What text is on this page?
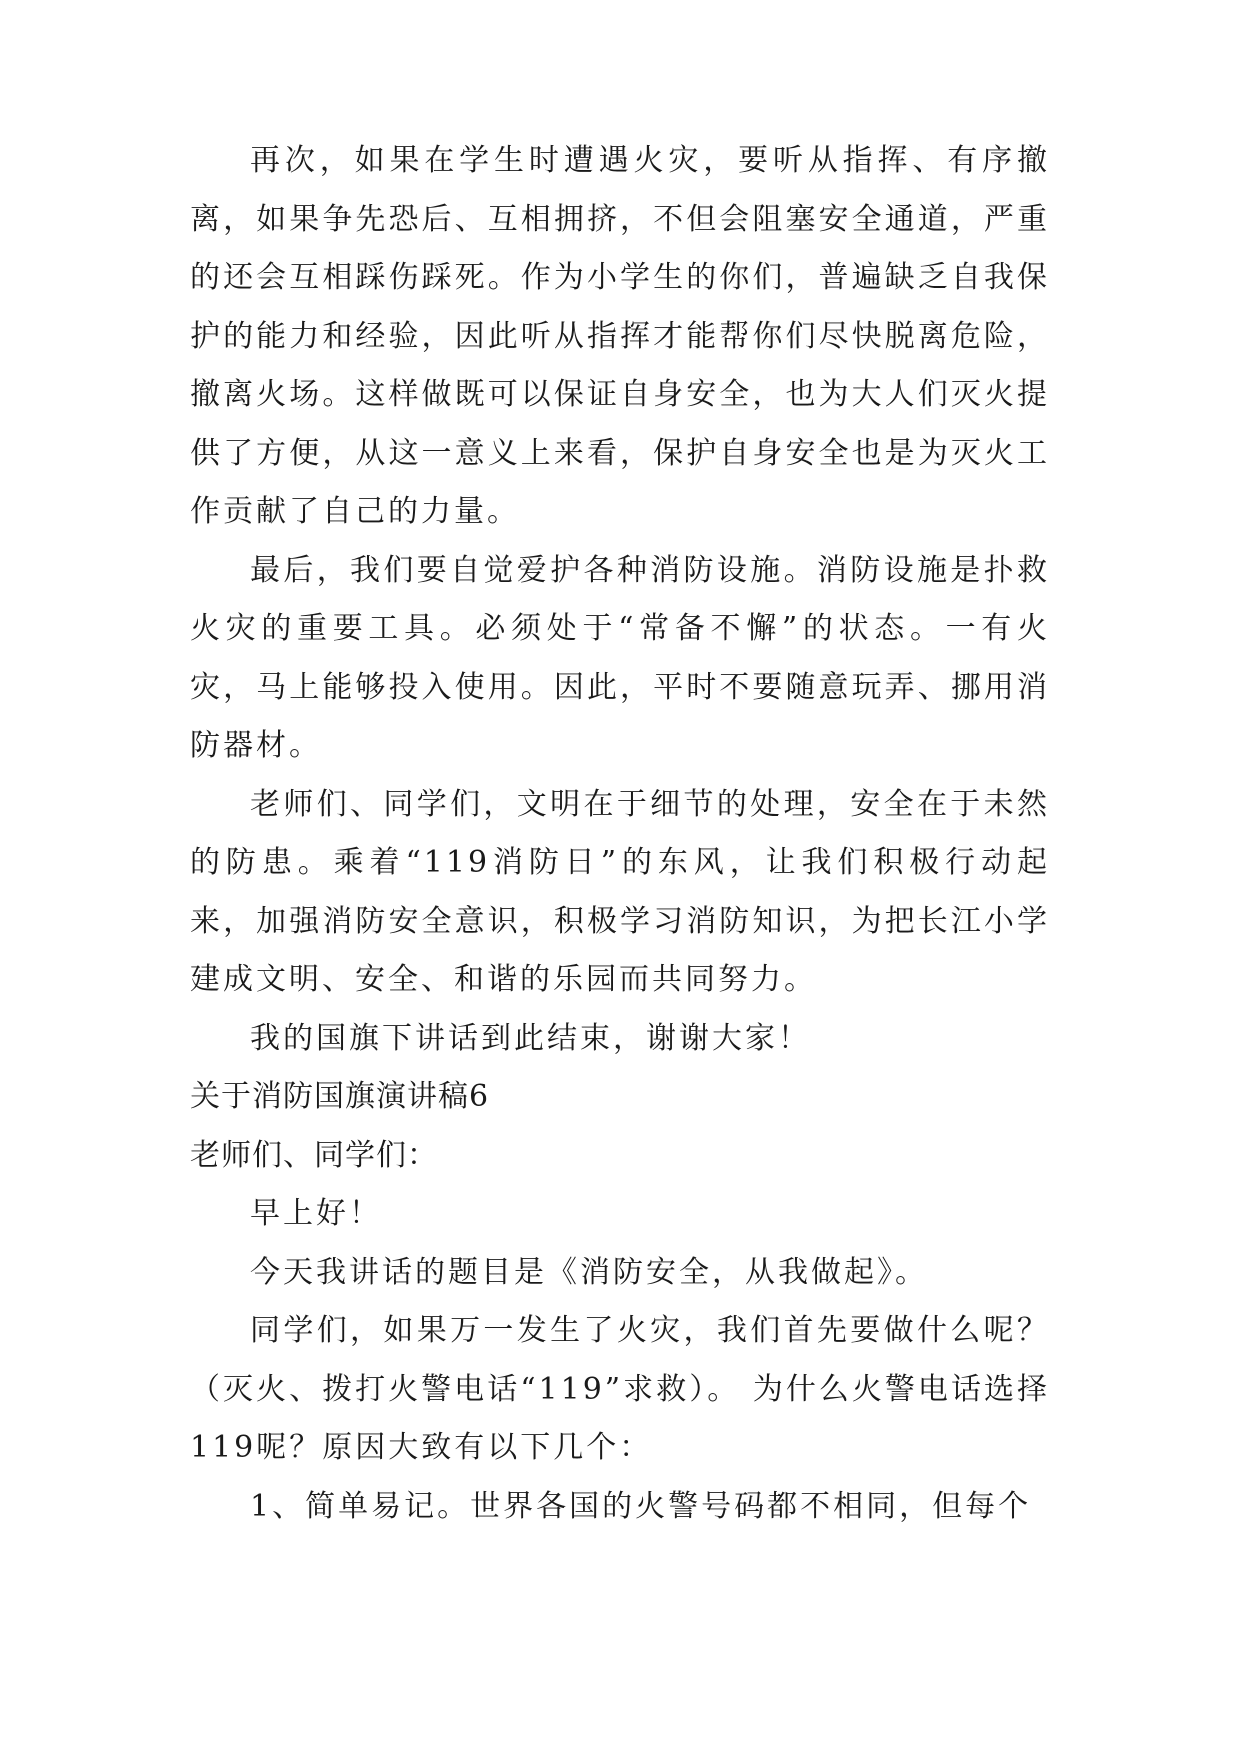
再次，如果在学生时遭遇火灾，要听从指挥、有序撤离，如果争先恐后、互相拥挤，不但会阻塞安全通道，严重的还会互相踩伤踩死。作为小学生的你们，普遍缺乏自我保护的能力和经验，因此听从指挥才能帮你们尽快脱离危险，撤离火场。这样做既可以保证自身安全，也为大人们灭火提供了方便，从这一意义上来看，保护自身安全也是为灭火工作贡献了自己的力量。

最后，我们要自觉爱护各种消防设施。消防设施是扑救火灾的重要工具。必须处于“常备不懈”的状态。一有火灾，马上能够投入使用。因此，平时不要随意玩弄、挪用消防器材。

老师们、同学们，文明在于细节的处理，安全在于未然的防患。乘着“119消防日”的东风，让我们积极行动起来，加强消防安全意识，积极学习消防知识，为把长江小学建成文明、安全、和谐的乐园而共同努力。

我的国旗下讲话到此结束，谢谢大家！

关于消防国旗演讲稿6

老师们、同学们：

早上好！

今天我讲话的题目是《消防安全，从我做起》。

同学们，如果万一发生了火灾，我们首先要做什么呢？（灭火、拨打火警电话“119”求救）。 为什么火警电话选择119呢？原因大致有以下几个：

1、简单易记。世界各国的火警号码都不相同，但每个
